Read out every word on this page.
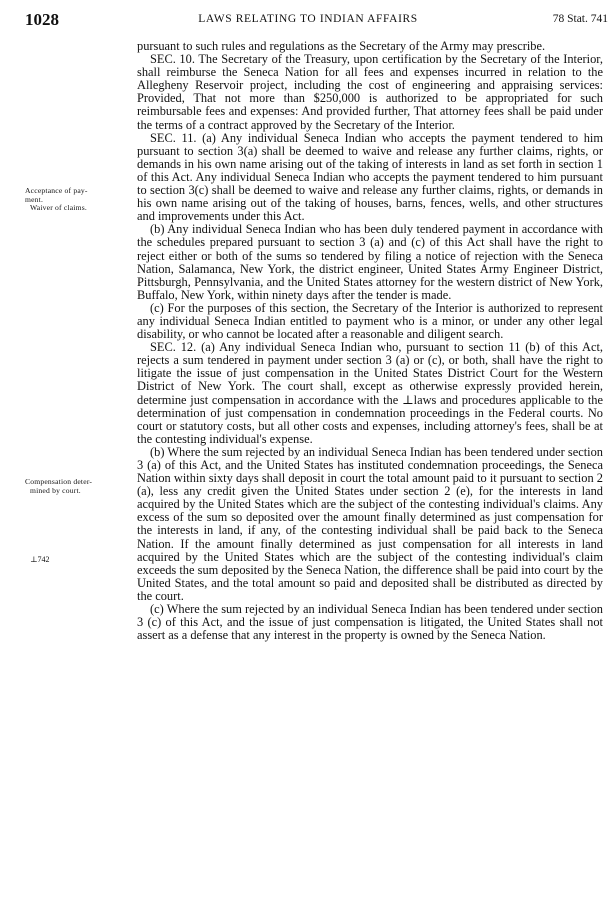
1028	LAWS RELATING TO INDIAN AFFAIRS	78 Stat. 741
Acceptance of pay-
ment.

Waiver of claims.
Compensation deter-

mined by court.
⊥742

pursuant to such rules and regulations as the Secretary of the Army may prescribe.

SEC. 10. The Secretary of the Treasury, upon certification by the Secretary of the Interior, shall reimburse the Seneca Nation for all fees and expenses incurred in relation to the Allegheny Reservoir project, including the cost of engineering and appraising services: Provided, That not more than $250,000 is authorized to be appropriated for such reimbursable fees and expenses: And provided further, That attorney fees shall be paid under the terms of a contract approved by the Secretary of the Interior.

SEC. 11. (a) Any individual Seneca Indian who accepts the payment tendered to him pursuant to section 3(a) shall be deemed to waive and release any further claims, rights, or demands in his own name arising out of the taking of interests in land as set forth in section 1 of this Act. Any individual Seneca Indian who accepts the payment tendered to him pursuant to section 3(c) shall be deemed to waive and release any further claims, rights, or demands in his own name arising out of the taking of houses, barns, fences, wells, and other structures and improvements under this Act.

(b) Any individual Seneca Indian who has been duly tendered payment in accordance with the schedules prepared pursuant to section 3 (a) and (c) of this Act shall have the right to reject either or both of the sums so tendered by filing a notice of rejection with the Seneca Nation, Salamanca, New York, the district engineer, United States Army Engineer District, Pittsburgh, Pennsylvania, and the United States attorney for the western district of New York, Buffalo, New York, within ninety days after the tender is made.

(c) For the purposes of this section, the Secretary of the Interior is authorized to represent any individual Seneca Indian entitled to payment who is a minor, or under any other legal disability, or who cannot be located after a reasonable and diligent search.

SEC. 12. (a) Any individual Seneca Indian who, pursuant to section 11 (b) of this Act, rejects a sum tendered in payment under section 3 (a) or (c), or both, shall have the right to litigate the issue of just compensation in the United States District Court for the Western District of New York. The court shall, except as otherwise expressly provided herein, determine just compensation in accordance with the ⊥laws and procedures applicable to the determination of just compensation in condemnation proceedings in the Federal courts. No court or statutory costs, but all other costs and expenses, including attorney's fees, shall be at the contesting individual's expense.

(b) Where the sum rejected by an individual Seneca Indian has been tendered under section 3 (a) of this Act, and the United States has instituted condemnation proceedings, the Seneca Nation within sixty days shall deposit in court the total amount paid to it pursuant to section 2 (a), less any credit given the United States under section 2 (e), for the interests in land acquired by the United States which are the subject of the contesting individual's claims. Any excess of the sum so deposited over the amount finally determined as just compensation for the interests in land, if any, of the contesting individual shall be paid back to the Seneca Nation. If the amount finally determined as just compensation for all interests in land acquired by the United States which are the subject of the contesting individual's claim exceeds the sum deposited by the Seneca Nation, the difference shall be paid into court by the United States, and the total amount so paid and deposited shall be distributed as directed by the court.

(c) Where the sum rejected by an individual Seneca Indian has been tendered under section 3 (c) of this Act, and the issue of just compensation is litigated, the United States shall not assert as a defense that any interest in the property is owned by the Seneca Nation.
